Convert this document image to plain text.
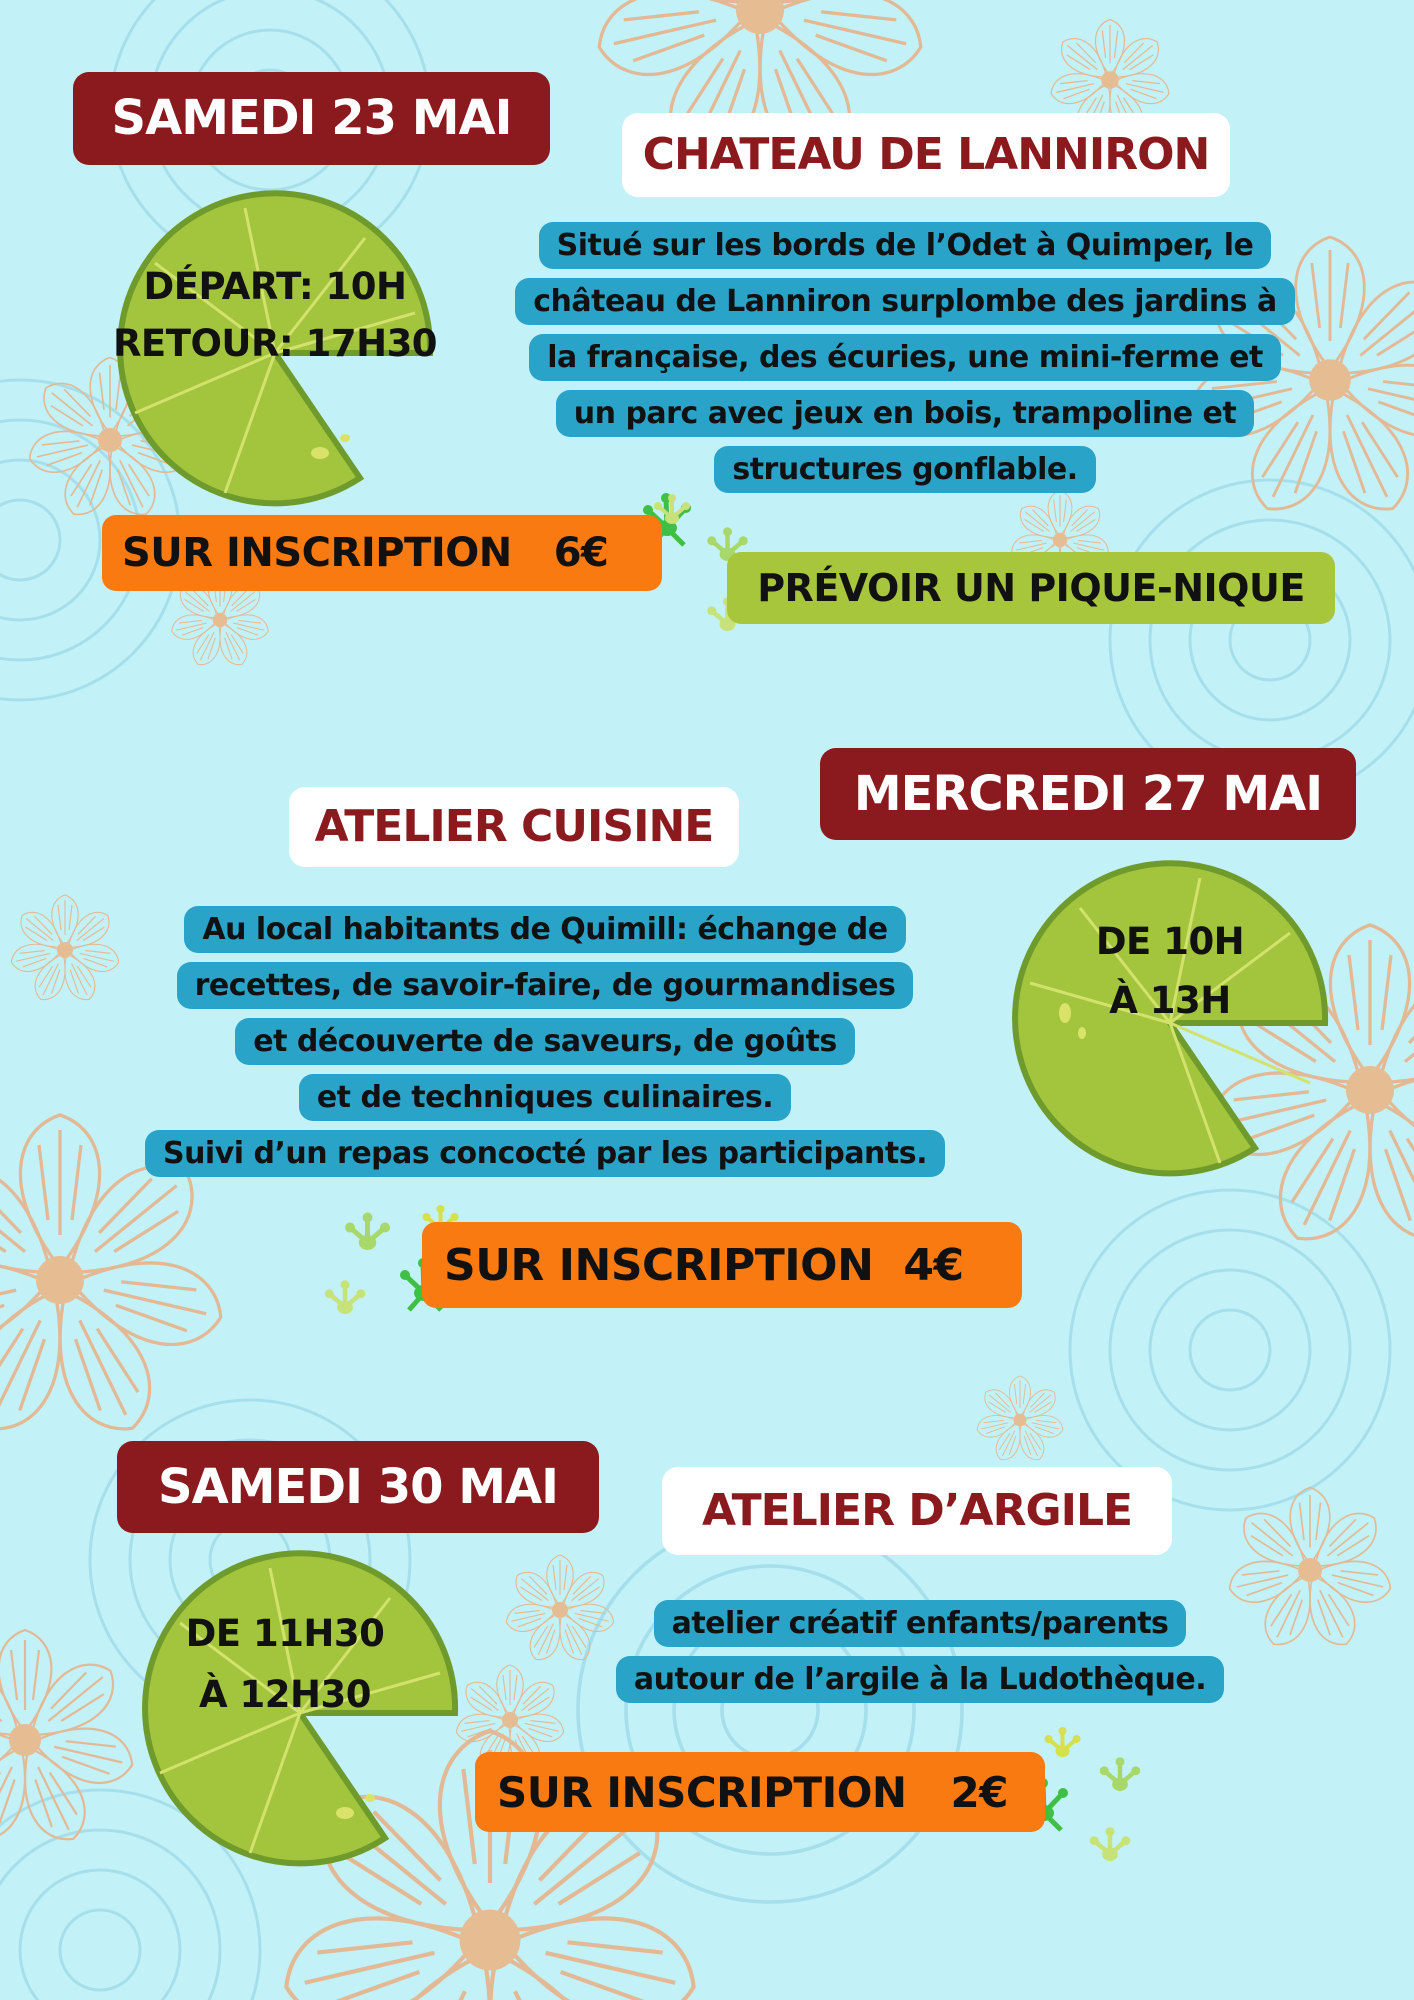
SAMEDI 23 MAI
CHATEAU DE LANNIRON
DÉPART: 10H
RETOUR: 17H30
Situé sur les bords de l’Odet à Quimper, le
château de Lanniron surplombe des jardins à
la française, des écuries, une mini-ferme et
un parc avec jeux en bois, trampoline et
structures gonflable.
SUR INSCRIPTION 6€
PRÉVOIR UN PIQUE-NIQUE
MERCREDI 27 MAI
ATELIER CUISINE
DE 10H
À 13H
Au local habitants de Quimill: échange de
recettes, de savoir-faire, de gourmandises
et découverte de saveurs, de goûts
et de techniques culinaires.
Suivi d’un repas concocté par les participants.
SUR INSCRIPTION 4€
SAMEDI 30 MAI	ATELIER D’ARGILE
DE 11H30
À 12H30
atelier créatif enfants/parents
autour de l’argile à la Ludothèque.
SUR INSCRIPTION 2€
